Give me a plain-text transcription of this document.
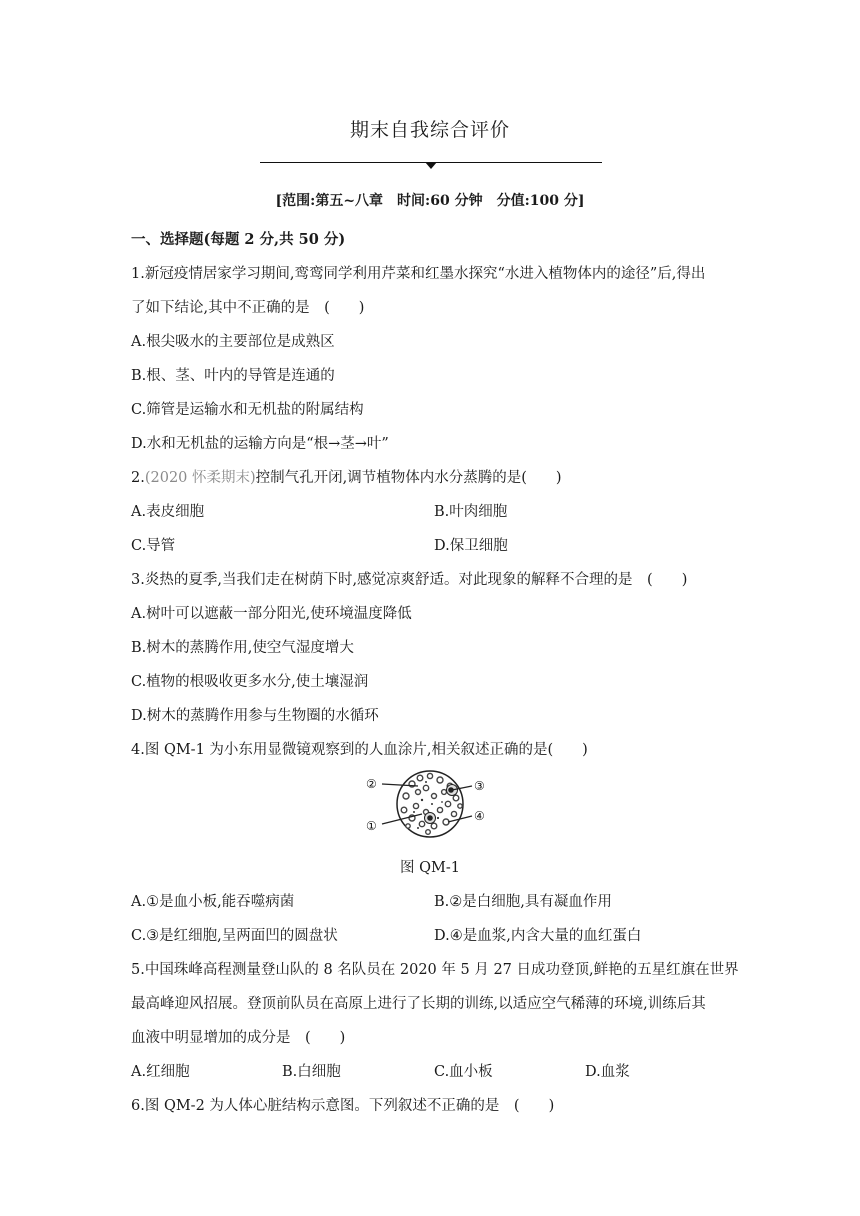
期末自我综合评价
[范围:第五~八章　时间:60 分钟　分值:100 分]
一、选择题(每题 2 分,共 50 分)
1.新冠疫情居家学习期间,鸾鸾同学利用芹菜和红墨水探究“水进入植物体内的途径”后,得出
了如下结论,其中不正确的是　(　　)
A.根尖吸水的主要部位是成熟区
B.根、茎、叶内的导管是连通的
C.筛管是运输水和无机盐的附属结构
D.水和无机盐的运输方向是“根→茎→叶”
2.(2020 怀柔期末)控制气孔开闭,调节植物体内水分蒸腾的是(　　)
A.表皮细胞	B.叶肉细胞
C.导管	D.保卫细胞
3.炎热的夏季,当我们走在树荫下时,感觉凉爽舒适。对此现象的解释不合理的是　(　　)
A.树叶可以遮蔽一部分阳光,使环境温度降低
B.树木的蒸腾作用,使空气湿度增大
C.植物的根吸收更多水分,使土壤湿润
D.树木的蒸腾作用参与生物圈的水循环
4.图 QM-1 为小东用显微镜观察到的人血涂片,相关叙述正确的是(　　)
②	③
①
④
图 QM-1
A.①是血小板,能吞噬病菌	B.②是白细胞,具有凝血作用
C.③是红细胞,呈两面凹的圆盘状	D.④是血浆,内含大量的血红蛋白
5.中国珠峰高程测量登山队的 8 名队员在 2020 年 5 月 27 日成功登顶,鲜艳的五星红旗在世界
最高峰迎风招展。登顶前队员在高原上进行了长期的训练,以适应空气稀薄的环境,训练后其
血液中明显增加的成分是　(　　)
A.红细胞	B.白细胞	C.血小板	D.血浆
6.图 QM-2 为人体心脏结构示意图。下列叙述不正确的是　(　　)
